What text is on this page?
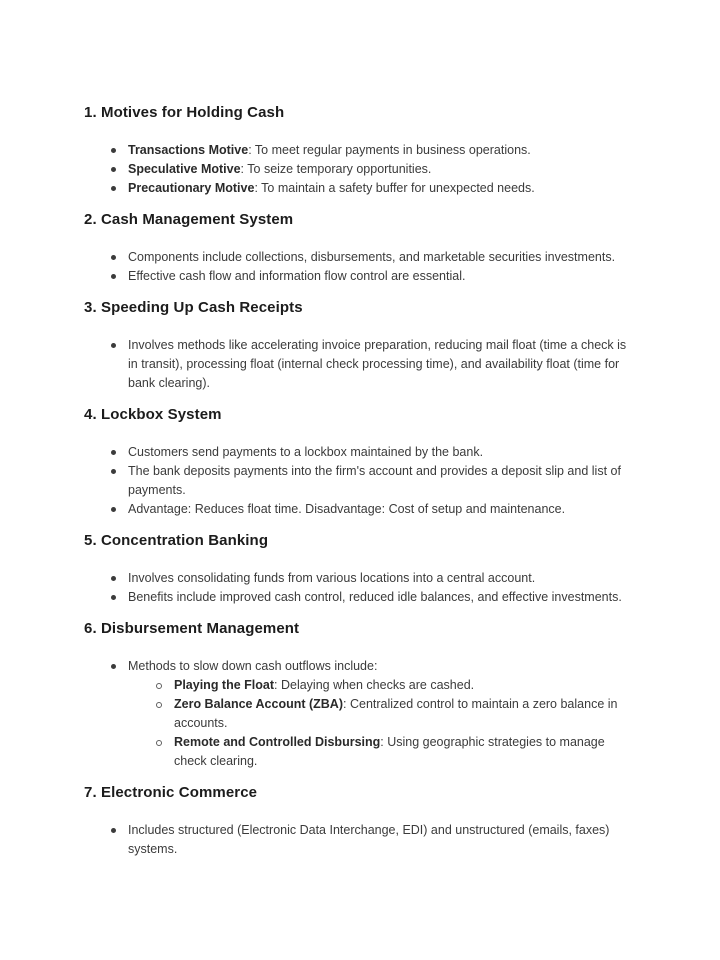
1. Motives for Holding Cash
Transactions Motive: To meet regular payments in business operations.
Speculative Motive: To seize temporary opportunities.
Precautionary Motive: To maintain a safety buffer for unexpected needs.
2. Cash Management System
Components include collections, disbursements, and marketable securities investments.
Effective cash flow and information flow control are essential.
3. Speeding Up Cash Receipts
Involves methods like accelerating invoice preparation, reducing mail float (time a check is in transit), processing float (internal check processing time), and availability float (time for bank clearing).
4. Lockbox System
Customers send payments to a lockbox maintained by the bank.
The bank deposits payments into the firm's account and provides a deposit slip and list of payments.
Advantage: Reduces float time. Disadvantage: Cost of setup and maintenance.
5. Concentration Banking
Involves consolidating funds from various locations into a central account.
Benefits include improved cash control, reduced idle balances, and effective investments.
6. Disbursement Management
Methods to slow down cash outflows include:
Playing the Float: Delaying when checks are cashed.
Zero Balance Account (ZBA): Centralized control to maintain a zero balance in accounts.
Remote and Controlled Disbursing: Using geographic strategies to manage check clearing.
7. Electronic Commerce
Includes structured (Electronic Data Interchange, EDI) and unstructured (emails, faxes) systems.
